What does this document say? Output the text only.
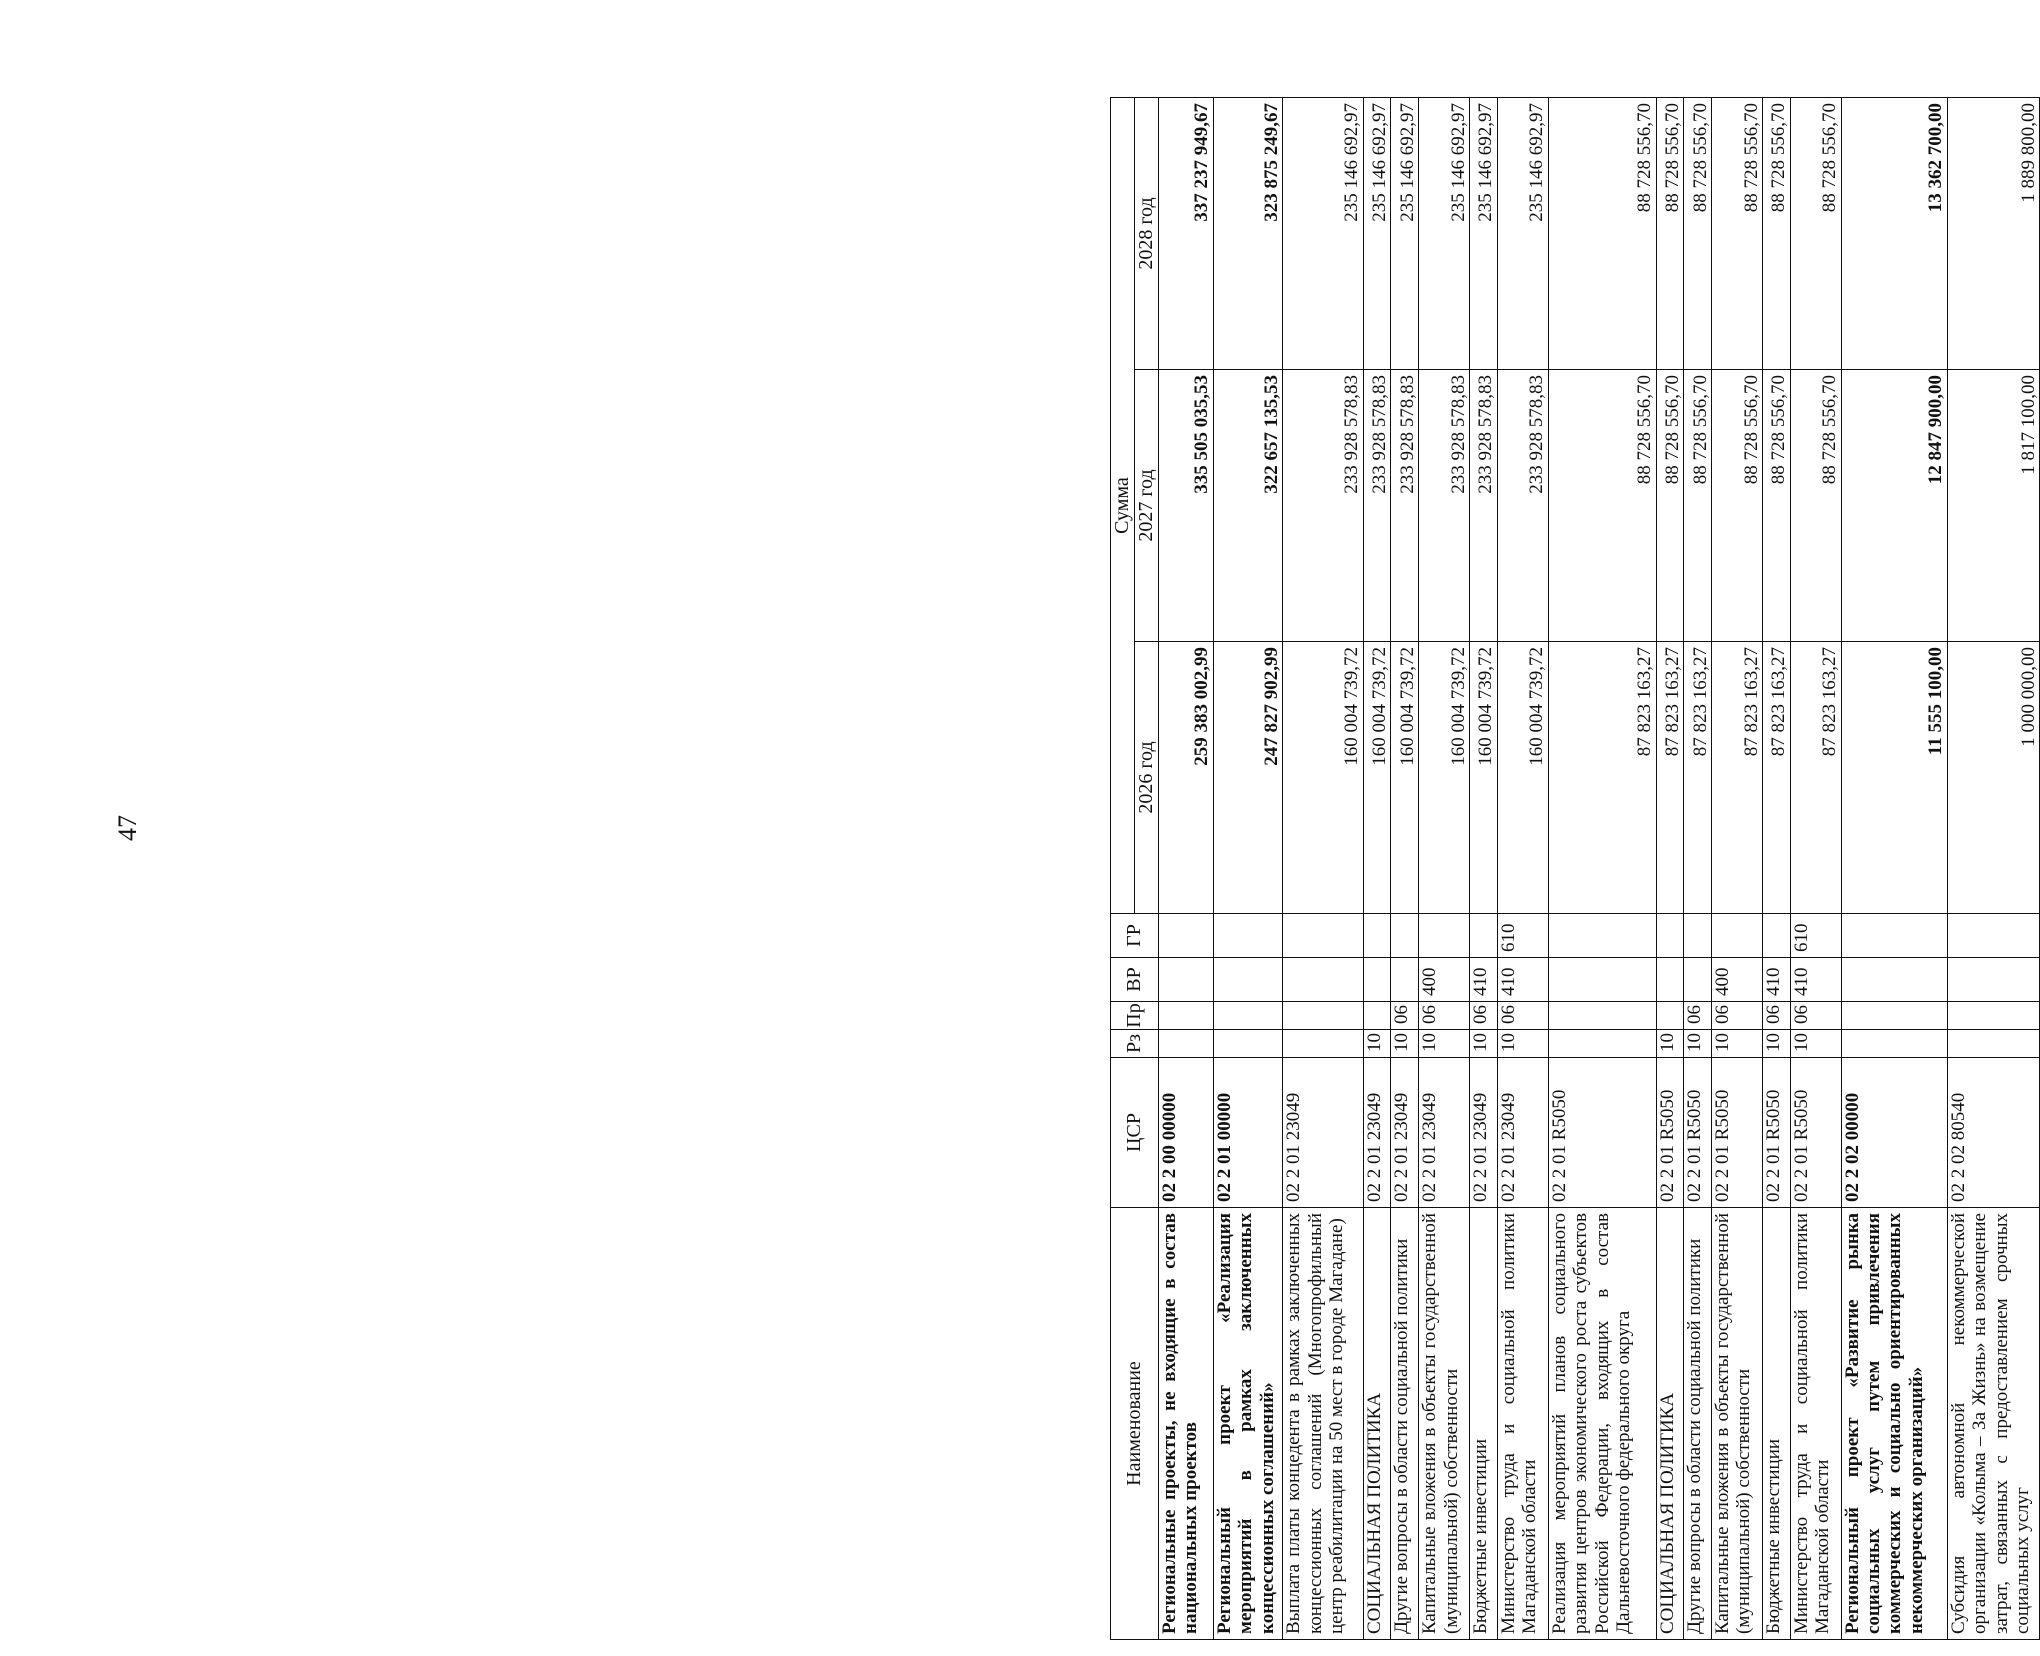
47
Наименование	ЦСР	Рз	Пр	ВР	ГР	Сумма		
						2026 год	2027 год	2028 год
Региональные проекты, не входящие в состав национальных проектов	02 2 00 00000					259 383 002,99	335 505 035,53	337 237 949,67
Региональный проект «Реализация мероприятий в рамках заключенных концессионных соглашений»	02 2 01 00000					247 827 902,99	322 657 135,53	323 875 249,67
Выплата платы концедента в рамках заключенных концессионных соглашений (Многопрофильный центр реабилитации на 50 мест в городе Магадане)	02 2 01 23049					160 004 739,72	233 928 578,83	235 146 692,97
СОЦИАЛЬНАЯ ПОЛИТИКА	02 2 01 23049	10				160 004 739,72	233 928 578,83	235 146 692,97
Другие вопросы в области социальной политики	02 2 01 23049	10	06			160 004 739,72	233 928 578,83	235 146 692,97
Капитальные вложения в объекты государственной (муниципальной) собственности	02 2 01 23049	10	06	400		160 004 739,72	233 928 578,83	235 146 692,97
Бюджетные инвестиции	02 2 01 23049	10	06	410		160 004 739,72	233 928 578,83	235 146 692,97
Министерство труда и социальной политики Магаданской области	02 2 01 23049	10	06	410	610	160 004 739,72	233 928 578,83	235 146 692,97
Реализация мероприятий планов социального развития центров экономического роста субъектов Российской Федерации, входящих в состав Дальневосточного федерального округа	02 2 01 R5050					87 823 163,27	88 728 556,70	88 728 556,70
СОЦИАЛЬНАЯ ПОЛИТИКА	02 2 01 R5050	10				87 823 163,27	88 728 556,70	88 728 556,70
Другие вопросы в области социальной политики	02 2 01 R5050	10	06			87 823 163,27	88 728 556,70	88 728 556,70
Капитальные вложения в объекты государственной (муниципальной) собственности	02 2 01 R5050	10	06	400		87 823 163,27	88 728 556,70	88 728 556,70
Бюджетные инвестиции	02 2 01 R5050	10	06	410		87 823 163,27	88 728 556,70	88 728 556,70
Министерство труда и социальной политики Магаданской области	02 2 01 R5050	10	06	410	610	87 823 163,27	88 728 556,70	88 728 556,70
Региональный проект «Развитие рынка социальных услуг путем привлечения коммерческих и социально ориентированных некоммерческих организаций»	02 2 02 00000					11 555 100,00	12 847 900,00	13 362 700,00
Субсидия автономной некоммерческой организации «Колыма – За Жизнь» на возмещение затрат, связанных с предоставлением срочных социальных услуг	02 2 02 80540					1 000 000,00	1 817 100,00	1 889 800,00
